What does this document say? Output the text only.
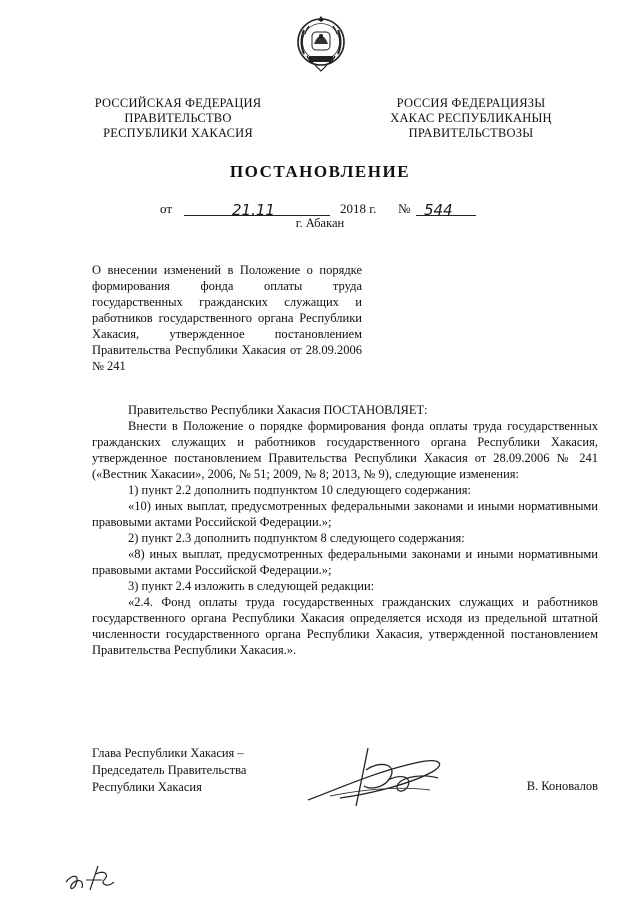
РОССИЙСКАЯ ФЕДЕРАЦИЯ
ПРАВИТЕЛЬСТВО
РЕСПУБЛИКИ ХАКАСИЯ
РОССИЯ ФЕДЕРАЦИЯЗЫ
ХАКАС РЕСПУБЛИКАНЫҢ
ПРАВИТЕЛЬСТВОЗЫ
ПОСТАНОВЛЕНИЕ
от	21.11	2018 г. № 544
г. Абакан

О внесении изменений в Положение о порядке формирования фонда оплаты труда государственных гражданских служащих и работников государственного органа Республики Хакасия, утвержденное постановлением Правительства Республики Хакасия от 28.09.2006 № 241

Правительство Республики Хакасия ПОСТАНОВЛЯЕТ:

Внести в Положение о порядке формирования фонда оплаты труда государственных гражданских служащих и работников государственного органа Республики Хакасия, утвержденное постановлением Правительства Республики Хакасия от 28.09.2006 № 241 («Вестник Хакасии», 2006, № 51; 2009, № 8; 2013, № 9), следующие изменения:

1) пункт 2.2 дополнить подпунктом 10 следующего содержания:

«10) иных выплат, предусмотренных федеральными законами и иными нормативными правовыми актами Российской Федерации.»;

2) пункт 2.3 дополнить подпунктом 8 следующего содержания:

«8) иных выплат, предусмотренных федеральными законами и иными нормативными правовыми актами Российской Федерации.»;

3) пункт 2.4 изложить в следующей редакции:

«2.4. Фонд оплаты труда государственных гражданских служащих и работников государственного органа Республики Хакасия определяется исходя из предельной штатной численности государственного органа Республики Хакасия, утвержденной постановлением Правительства Республики Хакасия.».

Глава Республики Хакасия –
Председатель Правительства
Республики Хакасия	В. Коновалов
